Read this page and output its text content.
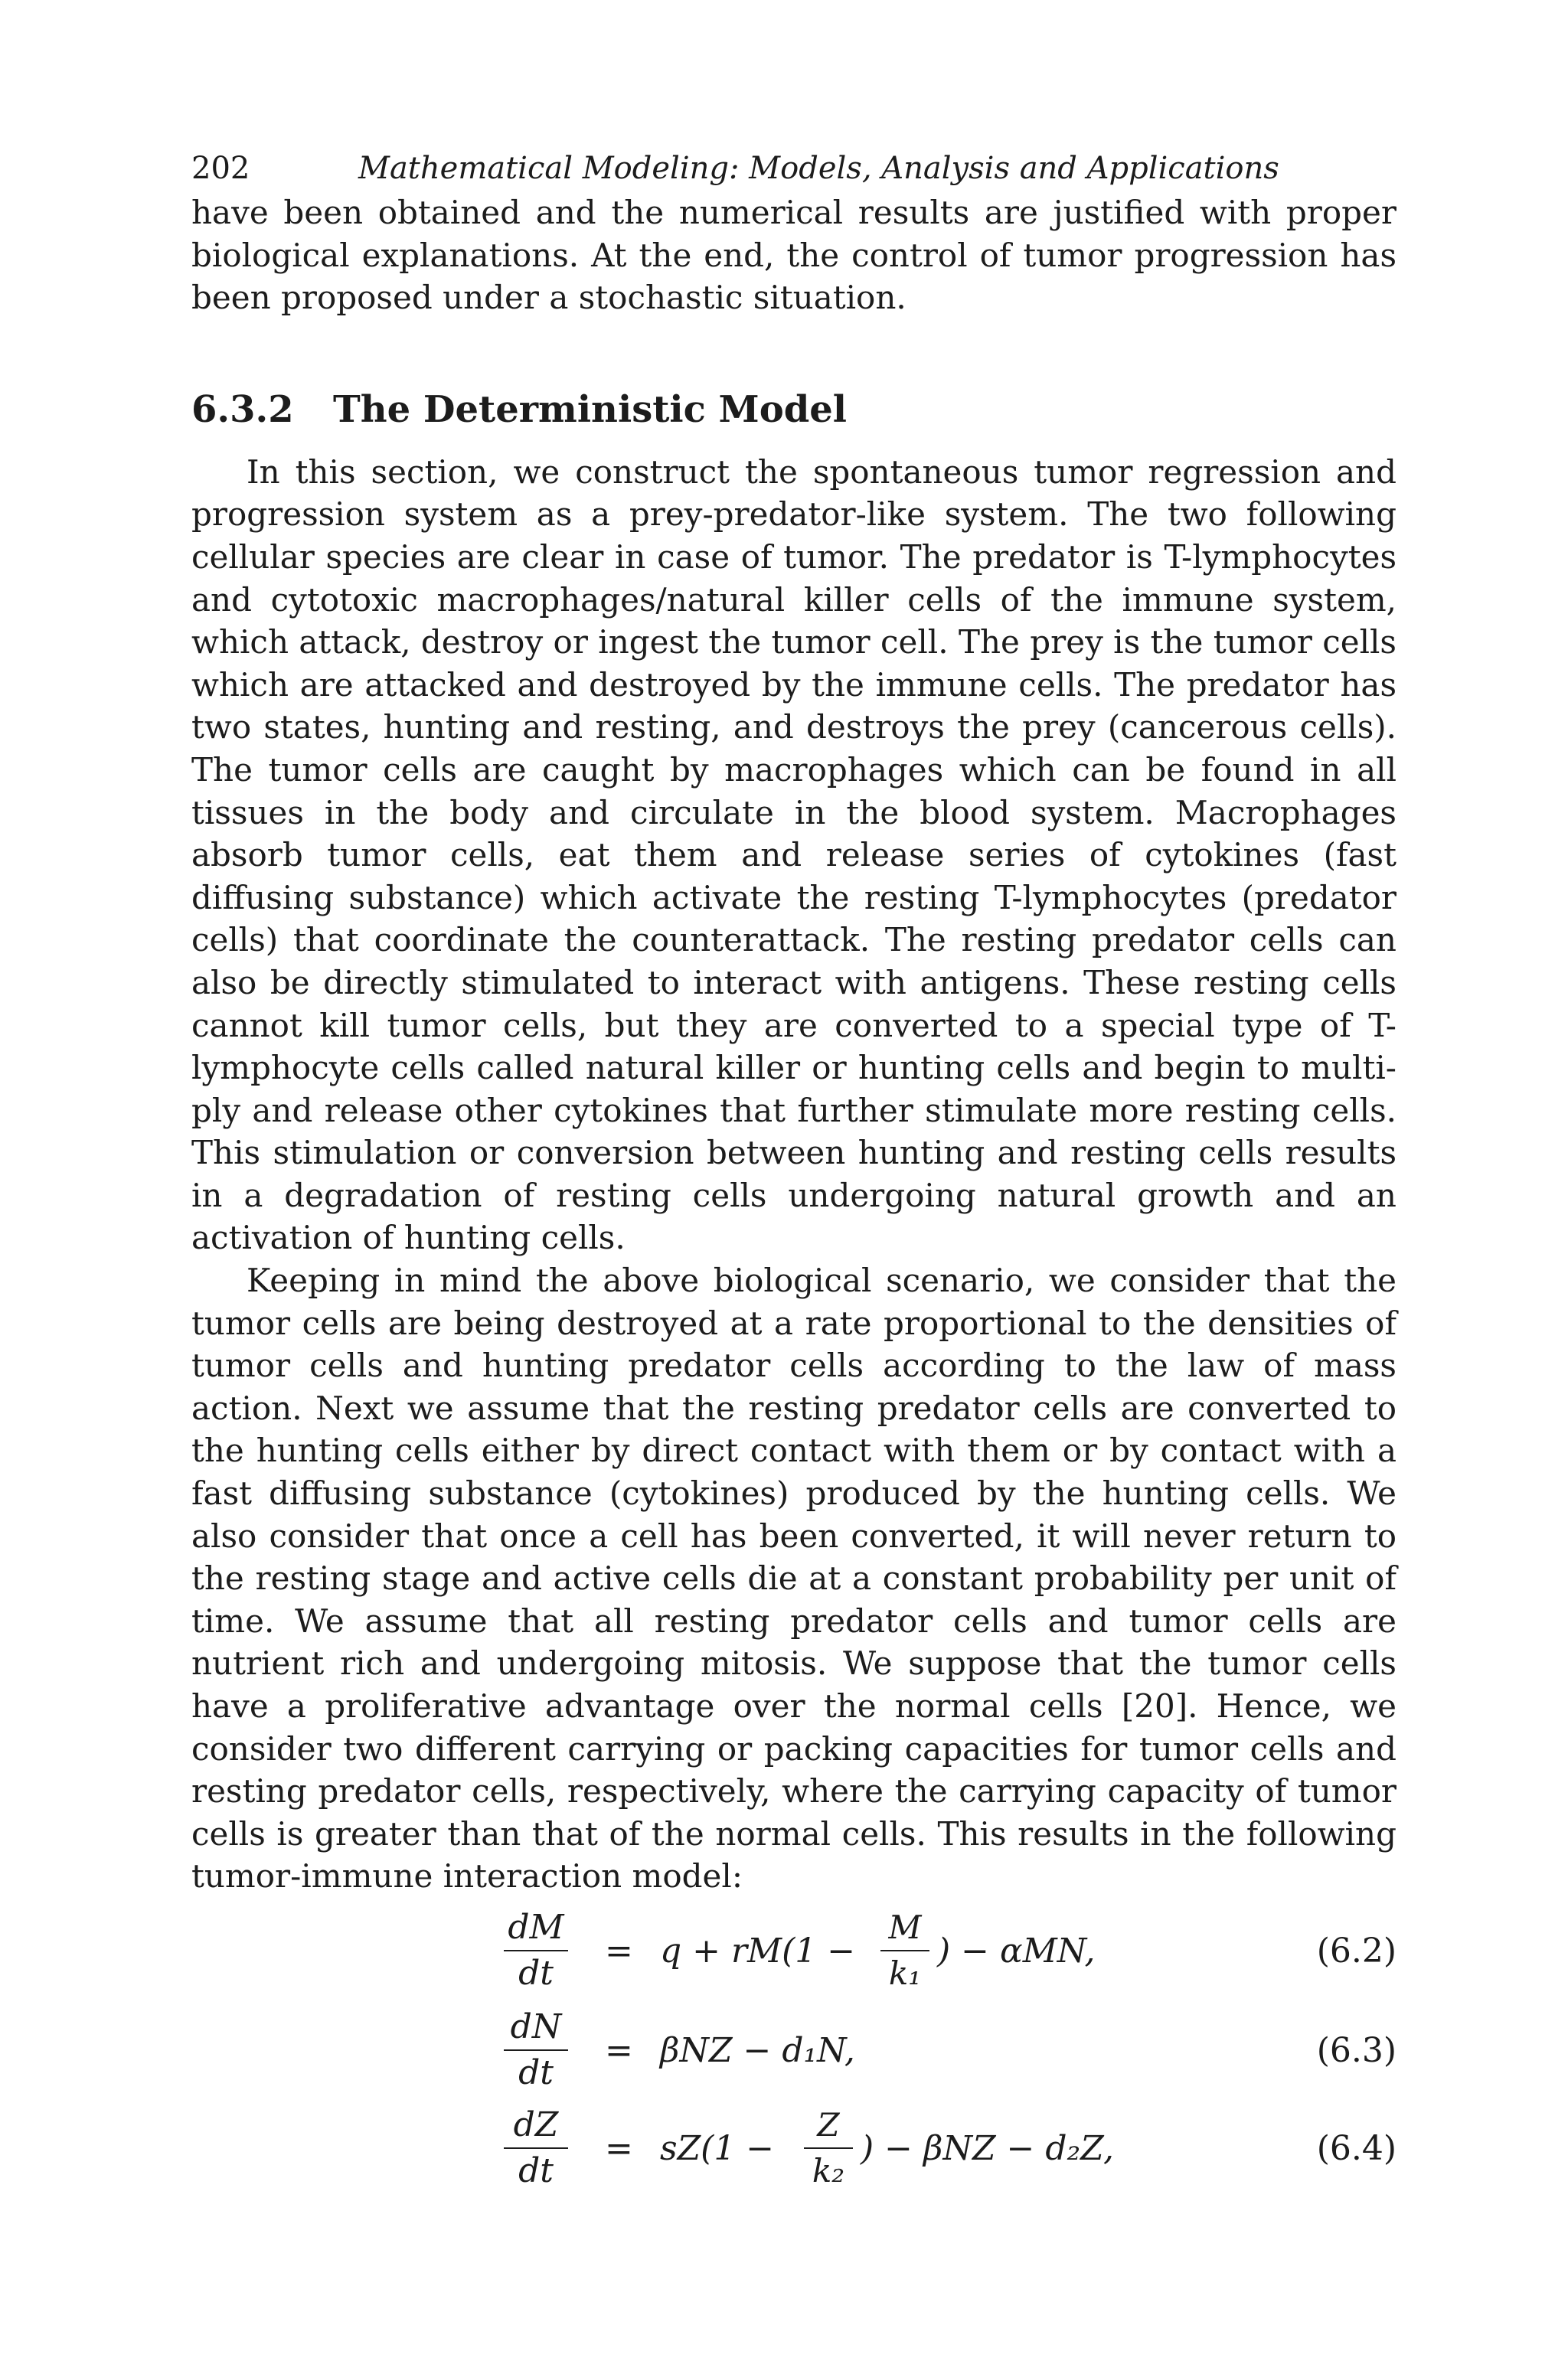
202	Mathematical Modeling: Models, Analysis and Applications

have been obtained and the numerical results are justified with proper biological explanations. At the end, the control of tumor progression has been proposed under a stochastic situation.

6.3.2 The Deterministic Model

In this section, we construct the spontaneous tumor regression and progression system as a prey-predator-like system. The two following cellular species are clear in case of tumor. The predator is T-lymphocytes and cytotoxic macrophages/natural killer cells of the immune system, which attack, destroy or ingest the tumor cell. The prey is the tumor cells which are attacked and destroyed by the immune cells. The predator has two states, hunting and resting, and destroys the prey (cancerous cells). The tumor cells are caught by macrophages which can be found in all tissues in the body and circulate in the blood system. Macrophages absorb tumor cells, eat them and release series of cytokines (fast diffusing substance) which activate the resting T-​lymphocytes (predator cells) that coordinate the counterattack. The resting predator cells can also be directly stimulated to interact with antigens. These resting cells cannot kill tumor cells, but they are converted to a special type of T-lymphocyte cells called natural killer or hunting cells and begin to multiply and release other cytokines that further stimulate more resting cells. This stimulation or conversion between hunting and resting cells results in a degradation of resting cells undergoing natural growth and an activation of hunting cells.

Keeping in mind the above biological scenario, we consider that the tumor cells are being destroyed at a rate proportional to the densities of tumor cells and hunting predator cells according to the law of mass action. Next we assume that the resting predator cells are converted to the hunting cells either by direct contact with them or by contact with a fast diffusing substance (cytokines) produced by the hunting cells. We also consider that once a cell has been converted, it will never return to the resting stage and active cells die at a constant probability per unit of time. We assume that all resting predator cells and tumor cells are nutrient rich and undergoing mitosis. We suppose that the tumor cells have a proliferative advantage over the normal cells [20]. Hence, we consider two different carrying or packing capacities for tumor cells and resting predator cells, respectively, where the carrying capacity of tumor cells is greater than that of the normal cells. This results in the following tumor-immune interaction model:

dM
dt
= q + rM(1 −
M
k₁
) − αMN,	(6.2)
dN
dt
= βNZ − d₁N,	(6.3)
dZ
dt
= sZ(1 −
Z
k₂
) − βNZ − d₂Z,	(6.4)
